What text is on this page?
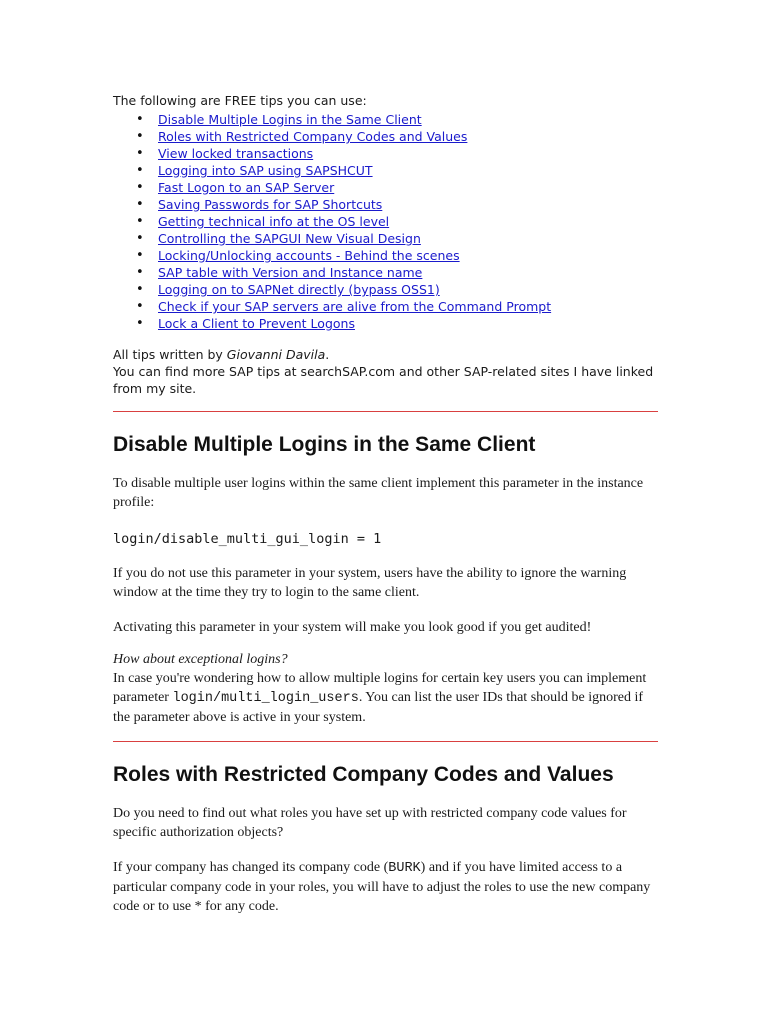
The following are FREE tips you can use:

• Disable Multiple Logins in the Same Client
• Roles with Restricted Company Codes and Values
• View locked transactions
• Logging into SAP using SAPSHCUT
• Fast Logon to an SAP Server
• Saving Passwords for SAP Shortcuts
• Getting technical info at the OS level
• Controlling the SAPGUI New Visual Design
• Locking/Unlocking accounts - Behind the scenes
• SAP table with Version and Instance name
• Logging on to SAPNet directly (bypass OSS1)
• Check if your SAP servers are alive from the Command Prompt
• Lock a Client to Prevent Logons
All tips written by Giovanni Davila.
You can find more SAP tips at searchSAP.com and other SAP-related sites I have linked from my site.
Disable Multiple Logins in the Same Client

To disable multiple user logins within the same client implement this parameter in the instance profile:

login/disable_multi_gui_login = 1

If you do not use this parameter in your system, users have the ability to ignore the warning window at the time they try to login to the same client.

Activating this parameter in your system will make you look good if you get audited!

How about exceptional logins?
In case you're wondering how to allow multiple logins for certain key users you can implement parameter login/multi_login_users. You can list the user IDs that should be ignored if the parameter above is active in your system.

Roles with Restricted Company Codes and Values

Do you need to find out what roles you have set up with restricted company code values for specific authorization objects?

If your company has changed its company code (BURK) and if you have limited access to a particular company code in your roles, you will have to adjust the roles to use the new company code or to use * for any code.
